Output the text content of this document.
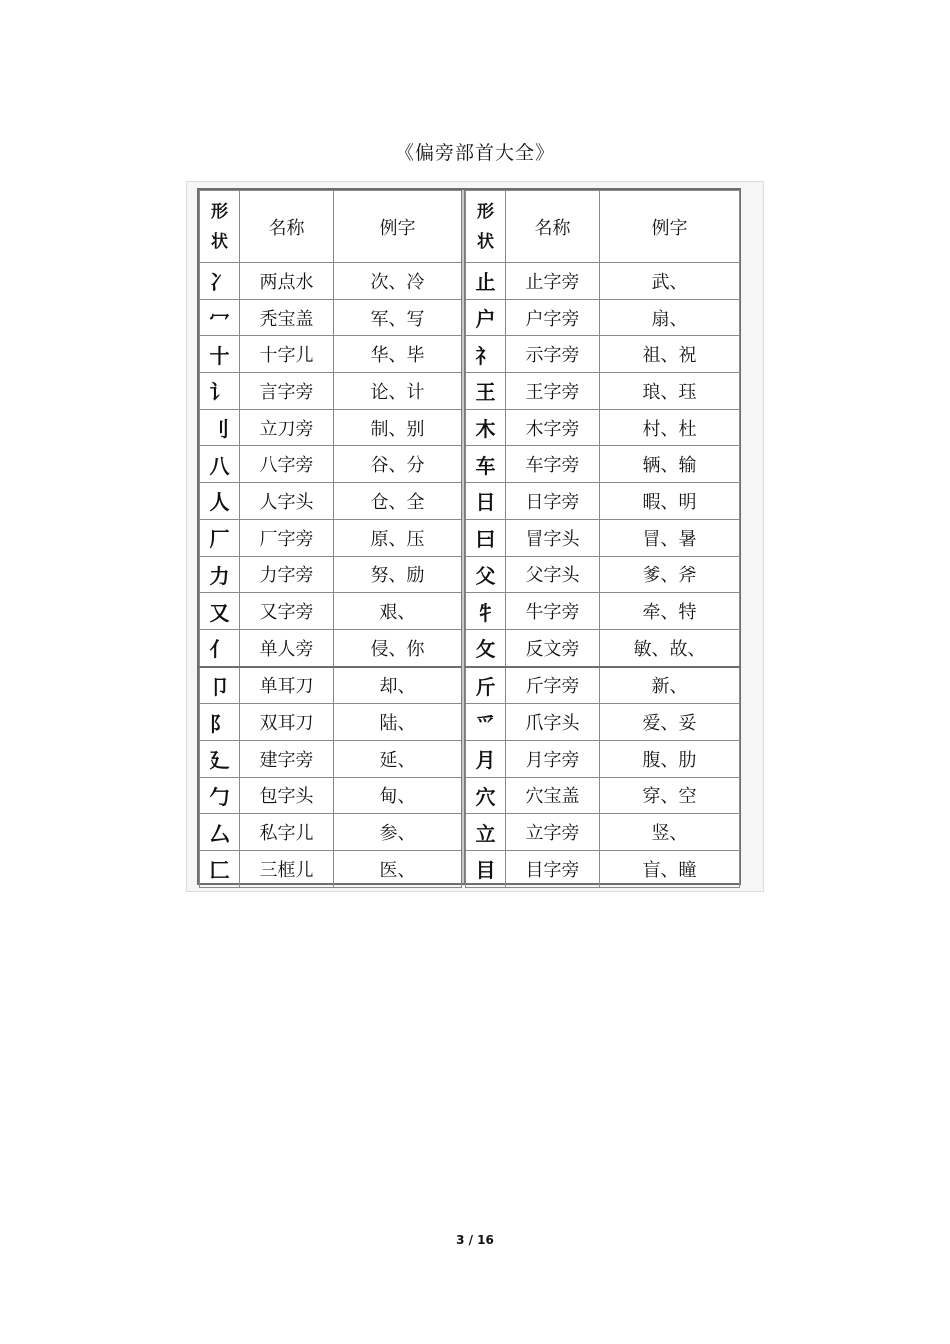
《偏旁部首大全》
形
状	名称	例字
冫	两点水	次、冷
冖	秃宝盖	军、写
十	十字儿	华、毕
讠	言字旁	论、计
刂	立刀旁	制、别
八	八字旁	谷、分
人	人字头	仓、全
厂	厂字旁	原、压
力	力字旁	努、励
又	又字旁	艰、
亻	单人旁	侵、你
卩	单耳刀	却、
阝	双耳刀	陆、
廴	建字旁	延、
勹	包字头	甸、
厶	私字儿	参、
匚	三框儿	医、
形
状	名称	例字
止	止字旁	武、
户	户字旁	扇、
礻	示字旁	祖、祝
王	王字旁	琅、珏
木	木字旁	村、杜
车	车字旁	辆、输
日	日字旁	暇、明
曰	冒字头	冒、暑
父	父字头	爹、斧
牜	牛字旁	牵、特
攵	反文旁	敏、故、
斤	斤字旁	新、
爫	爪字头	爱、妥
月	月字旁	腹、肋
穴	穴宝盖	穿、空
立	立字旁	竖、
目	目字旁	盲、瞳
3 / 16
